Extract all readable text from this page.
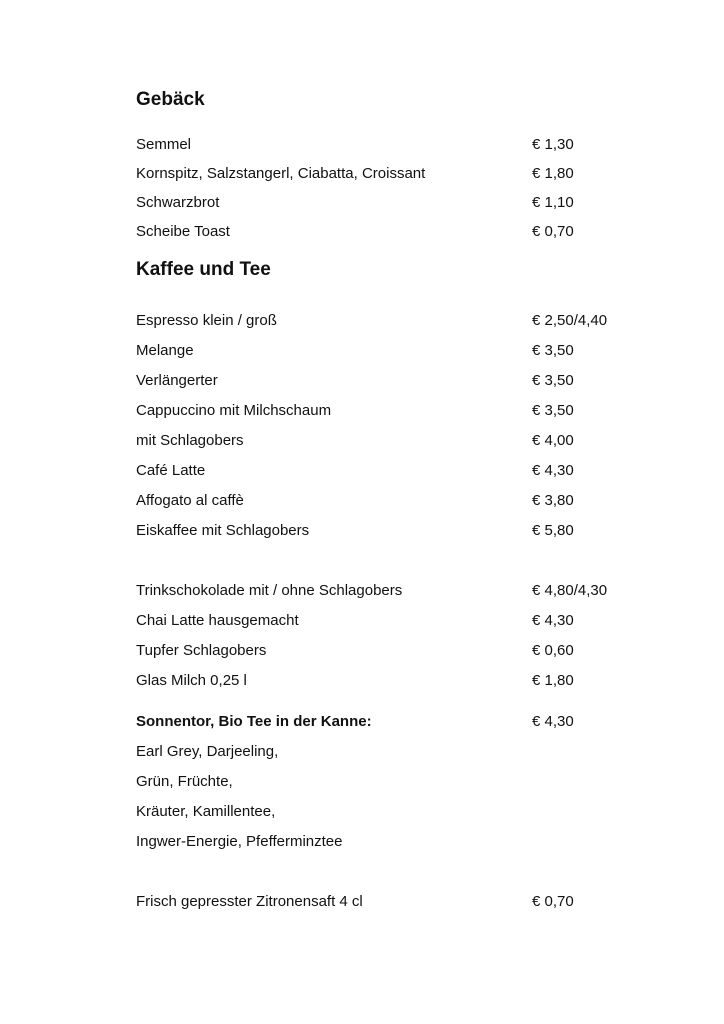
Gebäck
Semmel	€ 1,30
Kornspitz, Salzstangerl, Ciabatta, Croissant	€ 1,80
Schwarzbrot	€ 1,10
Scheibe Toast	€ 0,70
Kaffee und Tee
Espresso klein / groß	€ 2,50/4,40
Melange	€ 3,50
Verlängerter	€ 3,50
Cappuccino mit Milchschaum	€ 3,50
mit Schlagobers	€ 4,00
Café Latte	€ 4,30
Affogato al caffè	€ 3,80
Eiskaffee mit Schlagobers	€ 5,80
Trinkschokolade mit / ohne Schlagobers	€ 4,80/4,30
Chai Latte hausgemacht	€ 4,30
Tupfer Schlagobers	€ 0,60
Glas Milch 0,25 l	€ 1,80
Sonnentor, Bio Tee in der Kanne:	€ 4,30
Earl Grey, Darjeeling,
Grün, Früchte,
Kräuter, Kamillentee,
Ingwer-Energie, Pfefferminztee
Frisch gepresster Zitronensaft 4 cl	€ 0,70
